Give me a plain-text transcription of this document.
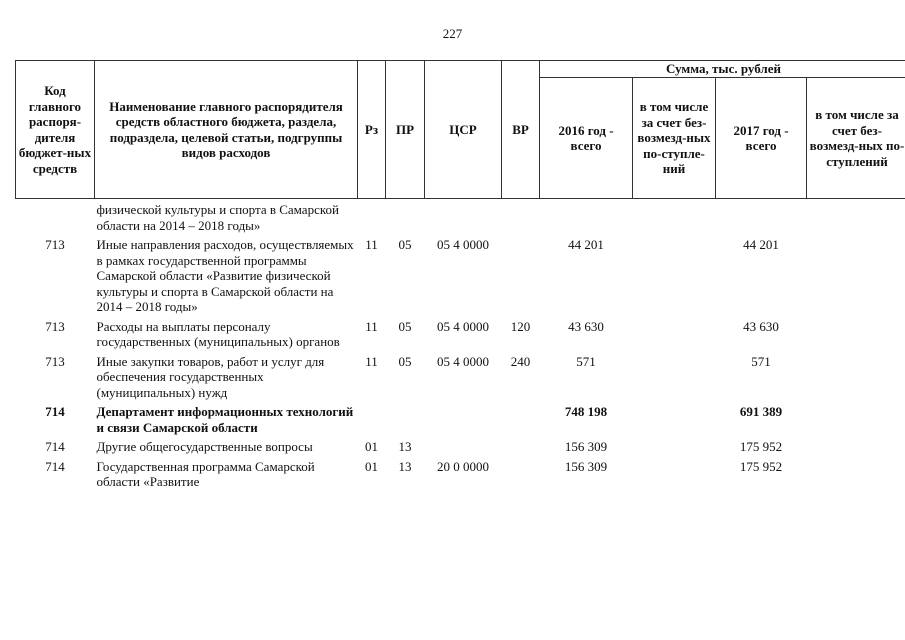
227
Код главного распоря-дителя бюджет-ных средств	Наименование главного распорядителя средств областного бюджета, раздела, подраздела, целевой статьи, подгруппы видов расходов	Рз	ПР	ЦСР	ВР	Сумма, тыс. рублей			
						2016 год - всего	в том числе за счет без-возмезд-ных по-ступле-ний	2017 год - всего	в том числе за счет без-возмезд-ных по-ступлений
	физической культуры и спорта в Самарской области на 2014 – 2018 годы»								
713	Иные направления расходов, осуществляемых в рамках государственной программы Самарской области «Развитие физической культуры и спорта в Самарской области на 2014 – 2018 годы»	11	05	05 4 0000		44 201		44 201	
713	Расходы на выплаты персоналу государственных (муниципальных) органов	11	05	05 4 0000	120	43 630		43 630	
713	Иные закупки товаров, работ и услуг для обеспечения государственных (муниципальных) нужд	11	05	05 4 0000	240	571		571	
714	Департамент информационных технологий и связи Самарской области					748 198		691 389	
714	Другие общегосударственные вопросы	01	13			156 309		175 952	
714	Государственная программа Самарской области «Развитие	01	13	20 0 0000		156 309		175 952	
